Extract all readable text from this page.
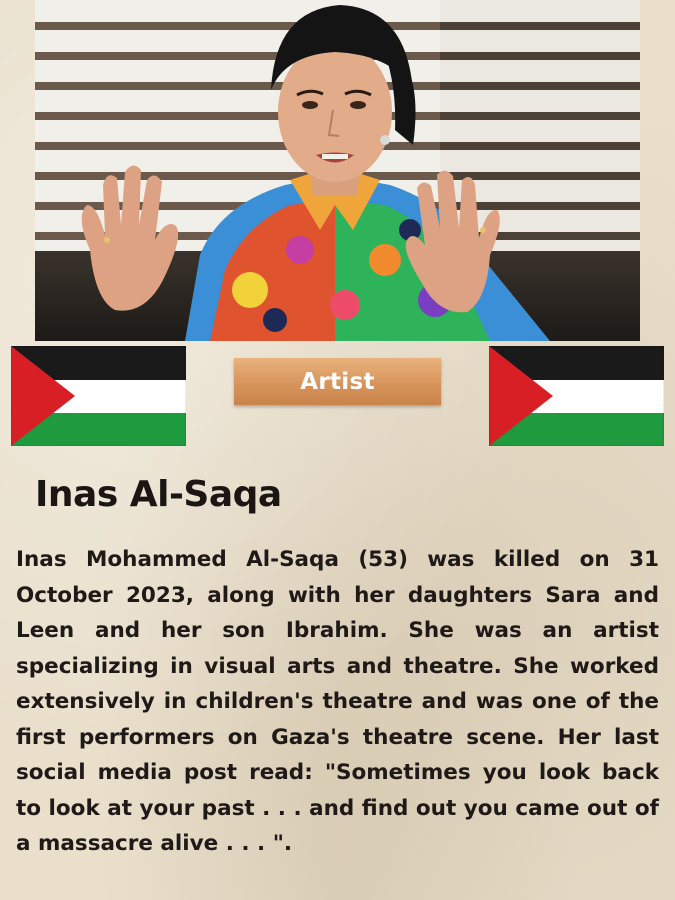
Artist
Inas Al-Saqa
Inas Mohammed Al-Saqa (53) was killed on 31 October 2023, along with her daughters Sara and Leen and her son Ibrahim. She was an artist specializing in visual arts and theatre. She worked extensively in children's theatre and was one of the first performers on Gaza's theatre scene. Her last social media post read: "Sometimes you look back to look at your past . . . and find out you came out of a massacre alive . . . ".
